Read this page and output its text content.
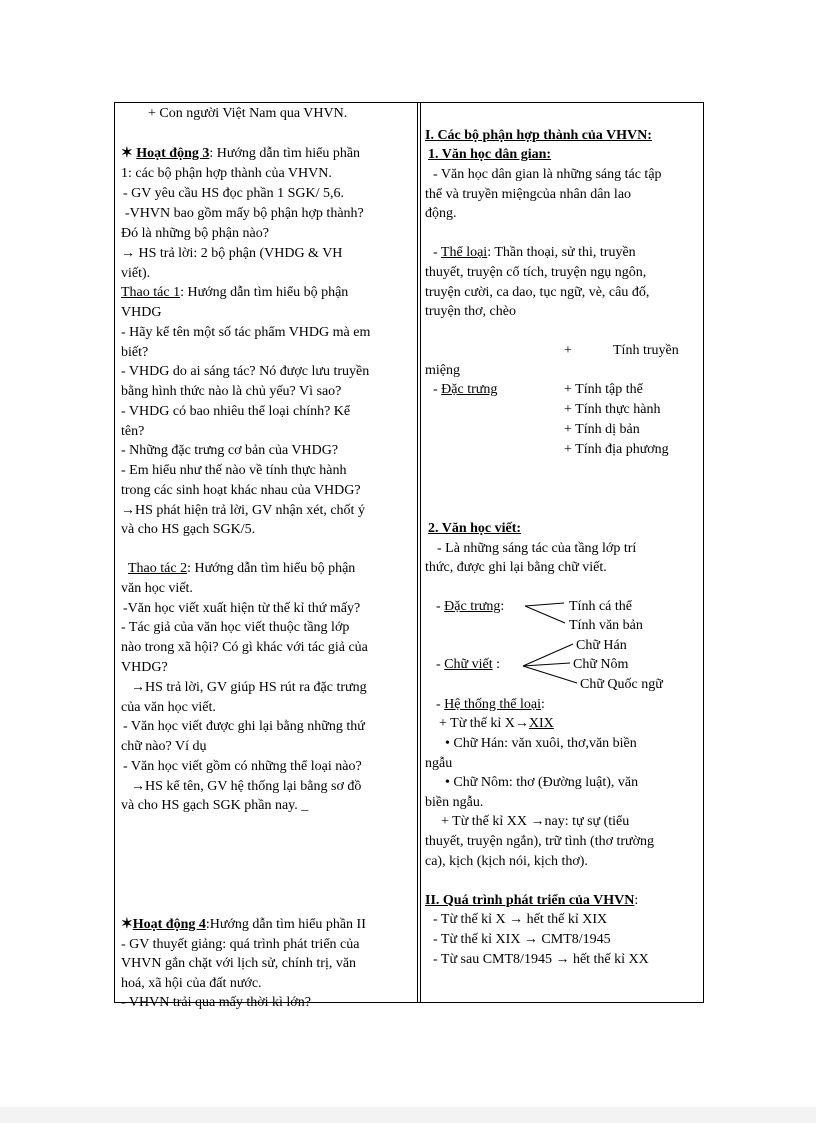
+ Con người Việt Nam qua VHVN.
✶ Hoạt động 3: Hướng dẫn tìm hiểu phần
1: các bộ phận hợp thành của VHVN.
- GV yêu cầu HS đọc phần 1 SGK/ 5,6.
-VHVN bao gồm mấy bộ phận hợp thành?
Đó là những bộ phận nào?
→ HS trả lời: 2 bộ phận (VHDG & VH
viết).
Thao tác 1: Hướng dẫn tìm hiểu bộ phận
VHDG
- Hãy kể tên một số tác phẩm VHDG mà em
biết?
- VHDG do ai sáng tác? Nó được lưu truyền
bằng hình thức nào là chủ yếu? Vì sao?
- VHDG có bao nhiêu thể loại chính? Kể
tên?
- Những đặc trưng cơ bản của VHDG?
- Em hiểu như thế nào về tính thực hành
trong các sinh hoạt khác nhau của VHDG?
→HS phát hiện trả lời, GV nhận xét, chốt ý
và cho HS gạch SGK/5.
Thao tác 2: Hướng dẫn tìm hiểu bộ phận
văn học viết.
-Văn học viết xuất hiện từ thế kỉ thứ mấy?
- Tác giả của văn học viết thuộc tầng lớp
nào trong xã hội? Có gì khác với tác giả của
VHDG?
→HS trả lời, GV giúp HS rút ra đặc trưng
của văn học viết.
- Văn học viết được ghi lại bằng những thứ
chữ nào? Ví dụ
- Văn học viết gồm có những thể loại nào?
→HS kể tên, GV hệ thống lại bằng sơ đồ
và cho HS gạch SGK phần nay. _
✶Hoạt động 4:Hướng dẫn tìm hiểu phần II
- GV thuyết giảng: quá trình phát triển của
VHVN gắn chặt với lịch sử, chính trị, văn
hoá, xã hội của đất nước.
- VHVN trải qua mấy thời kì lớn?
I. Các bộ phận hợp thành của VHVN:
1. Văn học dân gian:
- Văn học dân gian là những sáng tác tập
thể và truyền miệngcủa nhân dân lao
động.
- Thể loại: Thần thoại, sử thi, truyền
thuyết, truyện cổ tích, truyện ngụ ngôn,
truyện cười, ca dao, tục ngữ, vè, câu đố,
truyện thơ, chèo
+	Tính truyền
miệng
- Đặc trưng	+ Tính tập thể
+ Tính thực hành
+ Tính dị bản
+ Tính địa phương
2. Văn học viết:
- Là những sáng tác của tầng lớp trí
thức, được ghi lại bằng chữ viết.
- Đặc trưng:	Tính cá thể
Tính văn bản
Chữ Hán
- Chữ viết :	Chữ Nôm
Chữ Quốc ngữ
- Hệ thống thể loại:
+ Từ thế kỉ X→XIX
• Chữ Hán: văn xuôi, thơ,văn biền
ngẫu
• Chữ Nôm: thơ (Đường luật), văn
biền ngẫu.
+ Từ thế kỉ XX →nay: tự sự (tiểu
thuyết, truyện ngắn), trữ tình (thơ trường
ca), kịch (kịch nói, kịch thơ).
II. Quá trình phát triển của VHVN:
- Từ thế kỉ X → hết thế kỉ XIX
- Từ thế kỉ XIX → CMT8/1945
- Từ sau CMT8/1945 → hết thế kỉ XX
